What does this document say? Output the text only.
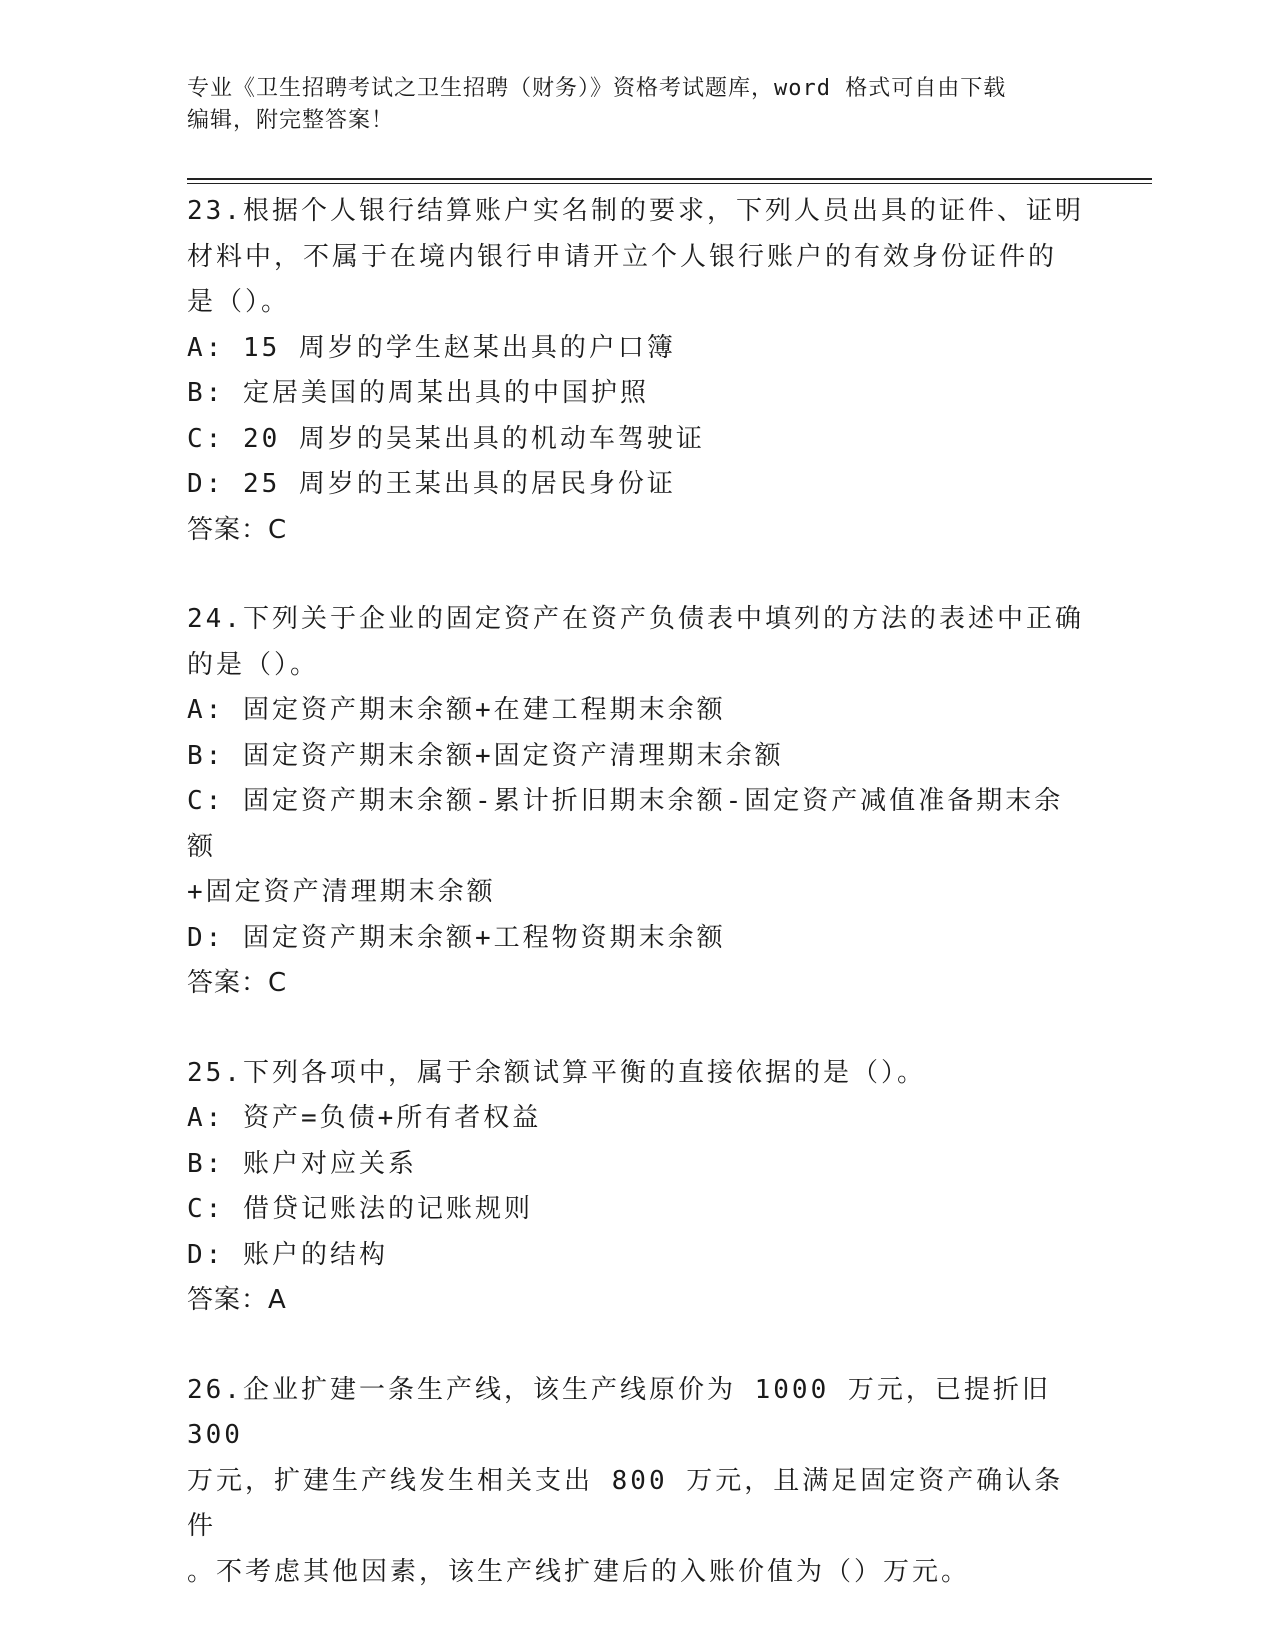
专业《卫生招聘考试之卫生招聘（财务）》资格考试题库，word 格式可自由下载
编辑，附完整答案！
23.根据个人银行结算账户实名制的要求，下列人员出具的证件、证明
材料中，不属于在境内银行申请开立个人银行账户的有效身份证件的
是（）。
A: 15 周岁的学生赵某出具的户口簿
B: 定居美国的周某出具的中国护照
C: 20 周岁的吴某出具的机动车驾驶证
D: 25 周岁的王某出具的居民身份证
答案：C
24.下列关于企业的固定资产在资产负债表中填列的方法的表述中正确
的是（）。
A: 固定资产期末余额+在建工程期末余额
B: 固定资产期末余额+固定资产清理期末余额
C: 固定资产期末余额-累计折旧期末余额-固定资产减值准备期末余额
+固定资产清理期末余额
D: 固定资产期末余额+工程物资期末余额
答案：C
25.下列各项中，属于余额试算平衡的直接依据的是（）。
A: 资产=负债+所有者权益
B: 账户对应关系
C: 借贷记账法的记账规则
D: 账户的结构
答案：A
26.企业扩建一条生产线，该生产线原价为 1000 万元，已提折旧 300
万元，扩建生产线发生相关支出 800 万元，且满足固定资产确认条件
。不考虑其他因素，该生产线扩建后的入账价值为（）万元。
